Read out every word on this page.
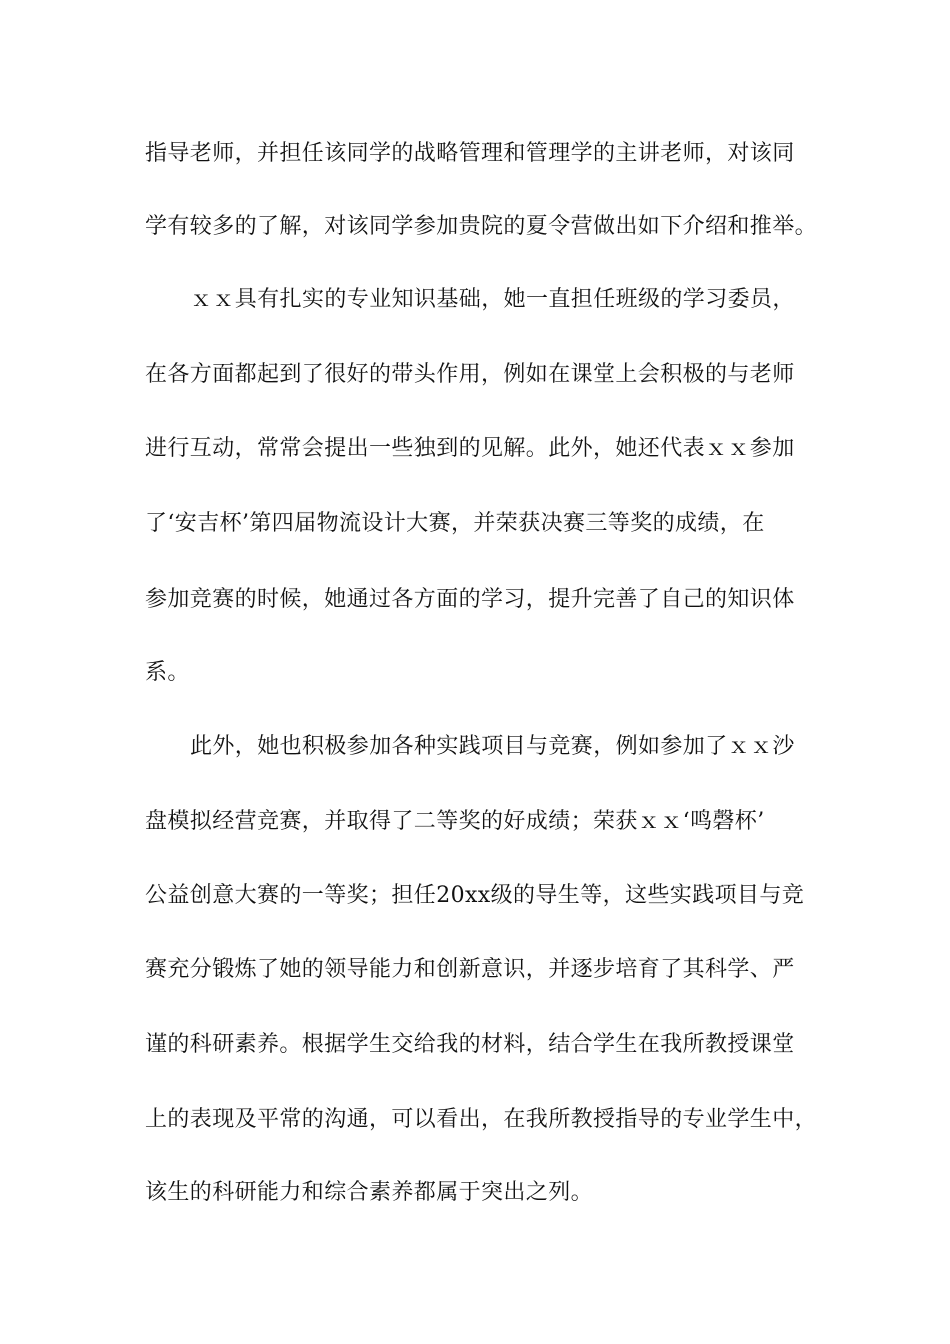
指导老师，并担任该同学的战略管理和管理学的主讲老师，对该同
学有较多的了解，对该同学参加贵院的夏令营做出如下介绍和推举。
ｘｘ具有扎实的专业知识基础，她一直担任班级的学习委员，
在各方面都起到了很好的带头作用，例如在课堂上会积极的与老师
进行互动，常常会提出一些独到的见解。此外，她还代表ｘｘ参加
了‘安吉杯’第四届物流设计大赛，并荣获决赛三等奖的成绩，在
参加竞赛的时候，她通过各方面的学习，提升完善了自己的知识体
系。
此外，她也积极参加各种实践项目与竞赛，例如参加了ｘｘ沙
盘模拟经营竞赛，并取得了二等奖的好成绩；荣获ｘｘ‘鸣磬杯’
公益创意大赛的一等奖；担任20xx级的导生等，这些实践项目与竞
赛充分锻炼了她的领导能力和创新意识，并逐步培育了其科学、严
谨的科研素养。根据学生交给我的材料，结合学生在我所教授课堂
上的表现及平常的沟通，可以看出，在我所教授指导的专业学生中，
该生的科研能力和综合素养都属于突出之列。
